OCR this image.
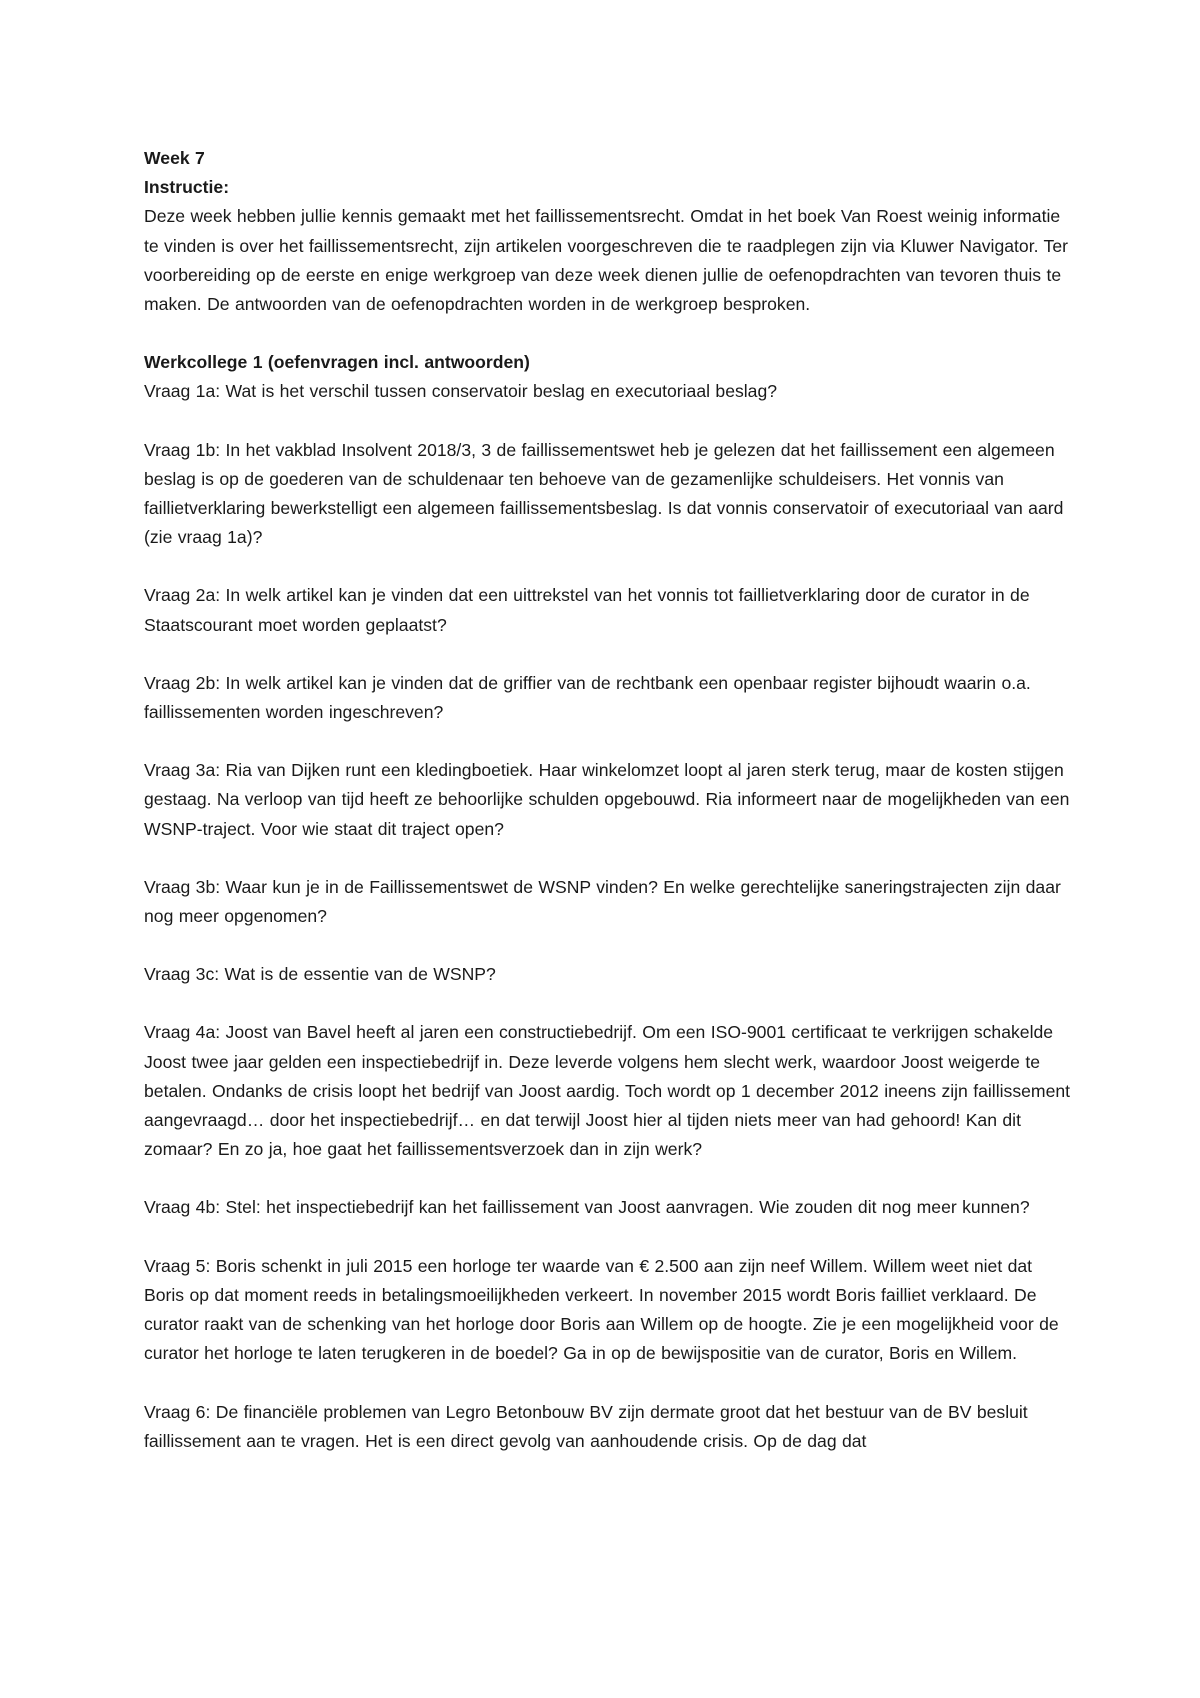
Week 7

Instructie:

Deze week hebben jullie kennis gemaakt met het faillissementsrecht. Omdat in het boek Van Roest weinig informatie te vinden is over het faillissementsrecht, zijn artikelen voorgeschreven die te raadplegen zijn via Kluwer Navigator. Ter voorbereiding op de eerste en enige werkgroep van deze week dienen jullie de oefenopdrachten van tevoren thuis te maken. De antwoorden van de oefenopdrachten worden in de werkgroep besproken.

Werkcollege 1 (oefenvragen incl. antwoorden)

Vraag 1a: Wat is het verschil tussen conservatoir beslag en executoriaal beslag?

Vraag 1b: In het vakblad Insolvent 2018/3, 3 de faillissementswet heb je gelezen dat het faillissement een algemeen beslag is op de goederen van de schuldenaar ten behoeve van de gezamenlijke schuldeisers. Het vonnis van faillietverklaring bewerkstelligt een algemeen faillissementsbeslag. Is dat vonnis conservatoir of executoriaal van aard (zie vraag 1a)?

Vraag 2a: In welk artikel kan je vinden dat een uittrekstel van het vonnis tot faillietverklaring door de curator in de Staatscourant moet worden geplaatst?

Vraag 2b: In welk artikel kan je vinden dat de griffier van de rechtbank een openbaar register bijhoudt waarin o.a. faillissementen worden ingeschreven?

Vraag 3a: Ria van Dijken runt een kledingboetiek. Haar winkelomzet loopt al jaren sterk terug, maar de kosten stijgen gestaag. Na verloop van tijd heeft ze behoorlijke schulden opgebouwd. Ria informeert naar de mogelijkheden van een WSNP-traject. Voor wie staat dit traject open?

Vraag 3b: Waar kun je in de Faillissementswet de WSNP vinden? En welke gerechtelijke saneringstrajecten zijn daar nog meer opgenomen?

Vraag 3c: Wat is de essentie van de WSNP?

Vraag 4a: Joost van Bavel heeft al jaren een constructiebedrijf. Om een ISO-9001 certificaat te verkrijgen schakelde Joost twee jaar gelden een inspectiebedrijf in. Deze leverde volgens hem slecht werk, waardoor Joost weigerde te betalen. Ondanks de crisis loopt het bedrijf van Joost aardig. Toch wordt op 1 december 2012 ineens zijn faillissement aangevraagd… door het inspectiebedrijf… en dat terwijl Joost hier al tijden niets meer van had gehoord! Kan dit zomaar? En zo ja, hoe gaat het faillissementsverzoek dan in zijn werk?

Vraag 4b: Stel: het inspectiebedrijf kan het faillissement van Joost aanvragen. Wie zouden dit nog meer kunnen?

Vraag 5: Boris schenkt in juli 2015 een horloge ter waarde van € 2.500 aan zijn neef Willem. Willem weet niet dat Boris op dat moment reeds in betalingsmoeilijkheden verkeert. In november 2015 wordt Boris failliet verklaard. De curator raakt van de schenking van het horloge door Boris aan Willem op de hoogte. Zie je een mogelijkheid voor de curator het horloge te laten terugkeren in de boedel? Ga in op de bewijspositie van de curator, Boris en Willem.

Vraag 6: De financiële problemen van Legro Betonbouw BV zijn dermate groot dat het bestuur van de BV besluit faillissement aan te vragen. Het is een direct gevolg van aanhoudende crisis. Op de dag dat
